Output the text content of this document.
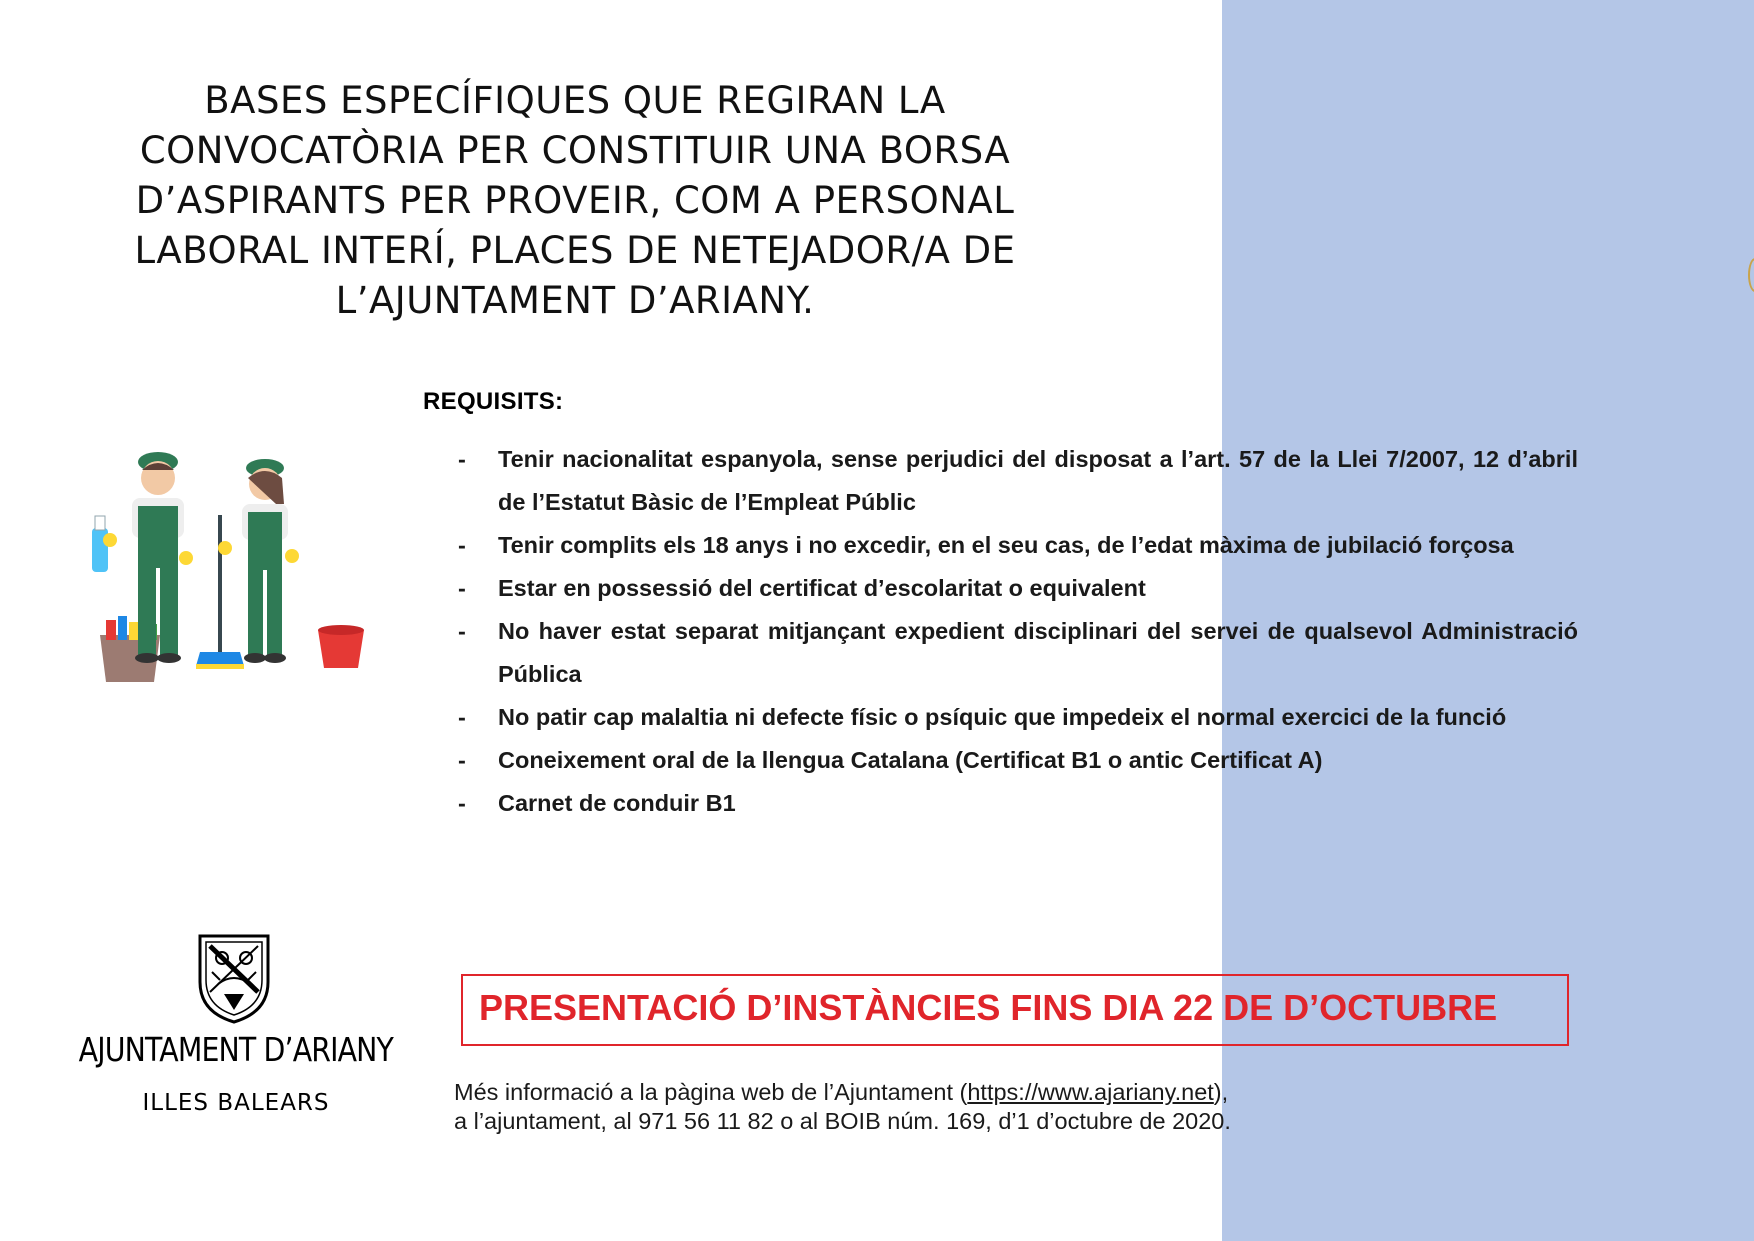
BASES ESPECÍFIQUES QUE REGIRAN LA
CONVOCATÒRIA PER CONSTITUIR UNA BORSA
D’ASPIRANTS PER PROVEIR, COM A PERSONAL
LABORAL INTERÍ, PLACES DE NETEJADOR/A DE
L’AJUNTAMENT D’ARIANY.
REQUISITS:
- Tenir nacionalitat espanyola, sense perjudici del disposat a l’art. 57 de la Llei 7/2007, 12 d’abril de l’Estatut Bàsic de l’Empleat Públic
- Tenir complits els 18 anys i no excedir, en el seu cas, de l’edat màxima de jubilació forçosa
- Estar en possessió del certificat d’escolaritat o equivalent
- No haver estat separat mitjançant expedient disciplinari del servei de qualsevol Administració Pública
- No patir cap malaltia ni defecte físic o psíquic que impedeix el normal exercici de la funció
- Coneixement oral de la llengua Catalana (Certificat B1 o antic Certificat A)
- Carnet de conduir B1
AJUNTAMENT D’ARIANY
ILLES BALEARS
PRESENTACIÓ D’INSTÀNCIES FINS DIA 22 DE D’OCTUBRE
Més informació a la pàgina web de l’Ajuntament (https://www.ajariany.net),
a l’ajuntament, al 971 56 11 82 o al BOIB núm. 169, d’1 d’octubre de 2020.
